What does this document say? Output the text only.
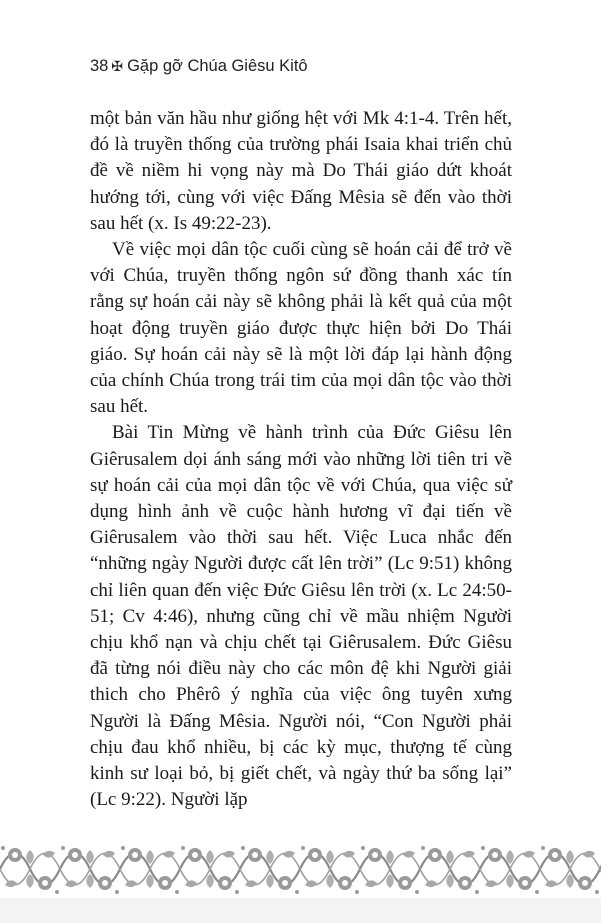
38 ✠ Gặp gỡ Chúa Giêsu Kitô

một bản văn hầu như giống hệt với Mk 4:1-4. Trên hết, đó là truyền thống của trường phái Isaia khai triển chủ đề về niềm hi vọng này mà Do Thái giáo dứt khoát hướng tới, cùng với việc Đấng Mêsia sẽ đến vào thời sau hết (x. Is 49:22-23).

Về việc mọi dân tộc cuối cùng sẽ hoán cải để trở về với Chúa, truyền thống ngôn sứ đồng thanh xác tín rằng sự hoán cải này sẽ không phải là kết quả của một hoạt động truyền giáo được thực hiện bởi Do Thái giáo. Sự hoán cải này sẽ là một lời đáp lại hành động của chính Chúa trong trái tim của mọi dân tộc vào thời sau hết.

Bài Tin Mừng về hành trình của Đức Giêsu lên Giêrusalem dọi ánh sáng mới vào những lời tiên tri về sự hoán cải của mọi dân tộc về với Chúa, qua việc sử dụng hình ảnh về cuộc hành hương vĩ đại tiến về Giêrusalem vào thời sau hết. Việc Luca nhắc đến “những ngày Người được cất lên trời” (Lc 9:51) không chỉ liên quan đến việc Đức Giêsu lên trời (x. Lc 24:50-51; Cv 4:46), nhưng cũng chỉ về mầu nhiệm Người chịu khổ nạn và chịu chết tại Giêrusalem. Đức Giêsu đã từng nói điều này cho các môn đệ khi Người giải thich cho Phêrô ý nghĩa của việc ông tuyên xưng Người là Đấng Mêsia. Người nói, “Con Người phải chịu đau khổ nhiều, bị các kỳ mục, thượng tế cùng kinh sư loại bỏ, bị giết chết, và ngày thứ ba sống lại” (Lc 9:22). Người lặp
